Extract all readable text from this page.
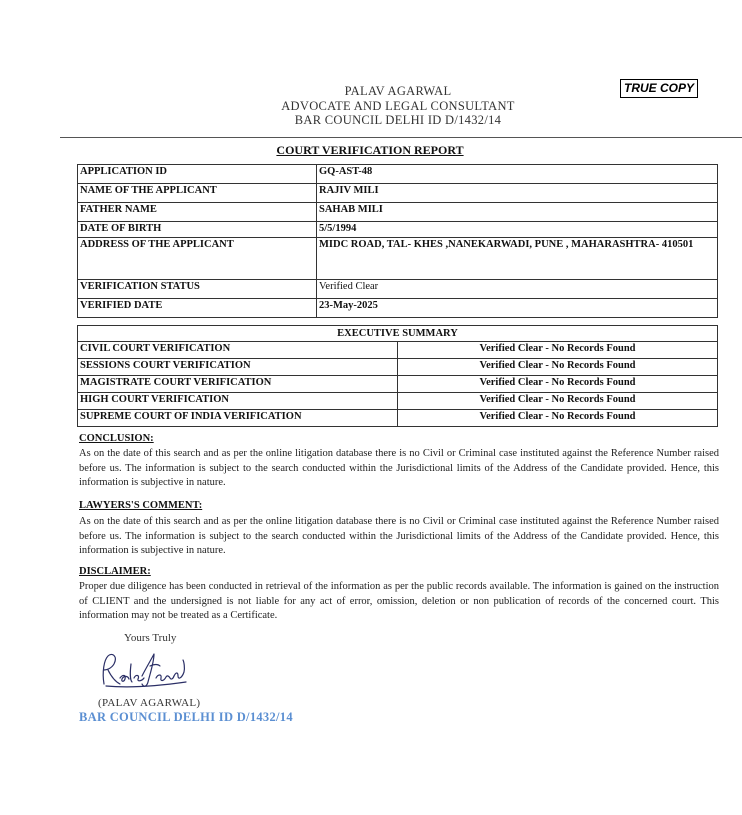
TRUE COPY
PALAV AGARWAL
ADVOCATE AND LEGAL CONSULTANT
BAR COUNCIL DELHI ID D/1432/14
COURT VERIFICATION REPORT
APPLICATION ID	GQ-AST-48
NAME OF THE APPLICANT	RAJIV MILI
FATHER NAME	SAHAB MILI
DATE OF BIRTH	5/5/1994
ADDRESS OF THE APPLICANT	MIDC ROAD, TAL- KHES ,NANEKARWADI, PUNE , MAHARASHTRA- 410501
VERIFICATION STATUS	Verified Clear
VERIFIED DATE	23-May-2025
EXECUTIVE SUMMARY	
CIVIL COURT VERIFICATION	Verified Clear - No Records Found
SESSIONS COURT VERIFICATION	Verified Clear - No Records Found
MAGISTRATE COURT VERIFICATION	Verified Clear - No Records Found
HIGH COURT VERIFICATION	Verified Clear - No Records Found
SUPREME COURT OF INDIA VERIFICATION	Verified Clear - No Records Found
CONCLUSION:
As on the date of this search and as per the online litigation database there is no Civil or Criminal case instituted against the Reference Number raised before us. The information is subject to the search conducted within the Jurisdictional limits of the Address of the Candidate provided. Hence, this information is subjective in nature.
LAWYERS'S COMMENT:
As on the date of this search and as per the online litigation database there is no Civil or Criminal case instituted against the Reference Number raised before us. The information is subject to the search conducted within the Jurisdictional limits of the Address of the Candidate provided. Hence, this information is subjective in nature.
DISCLAIMER:
Proper due diligence has been conducted in retrieval of the information as per the public records available. The information is gained on the instruction of CLIENT and the undersigned is not liable for any act of error, omission, deletion or non publication of records of the concerned court. This information may not be treated as a Certificate.
Yours Truly
(PALAV AGARWAL)
BAR COUNCIL DELHI ID D/1432/14
